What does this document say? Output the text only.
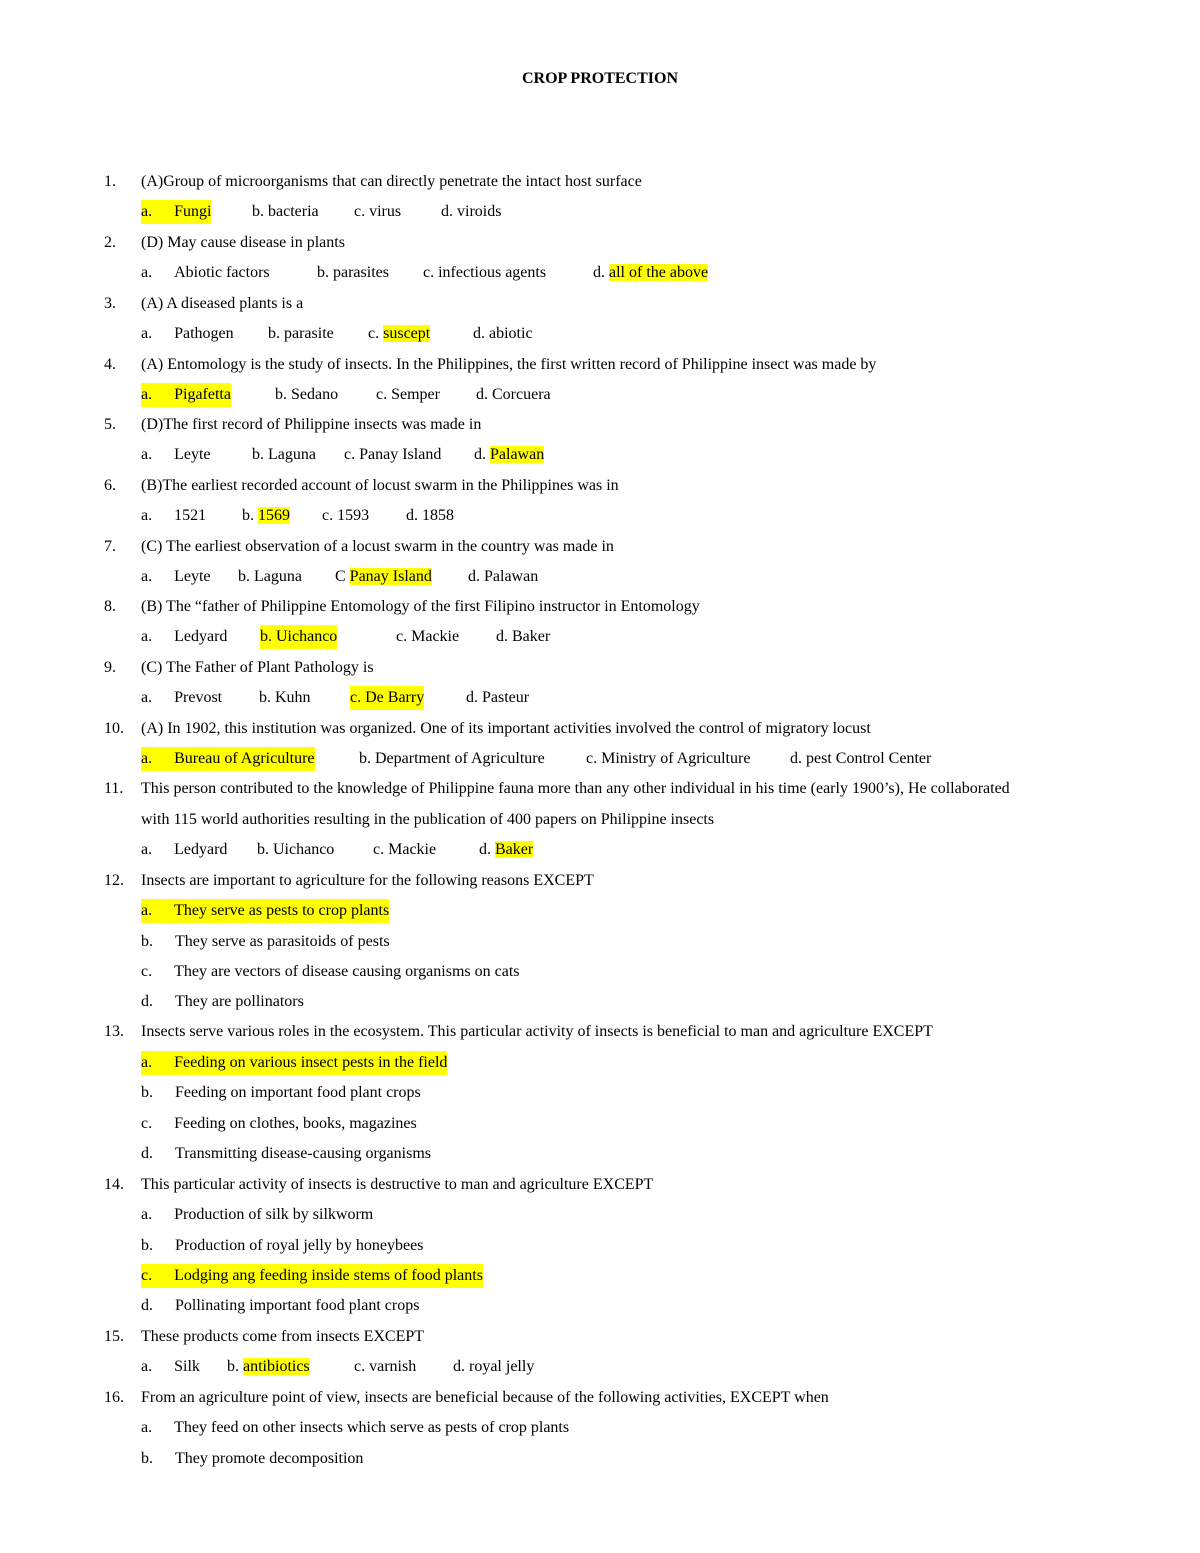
CROP PROTECTION
1. (A)Group of microorganisms that can directly penetrate the intact host surface
a. Fungi	b. bacteria c. virus d. viroids
2. (D) May cause disease in plants
a. Abiotic factors	b. parasites c. infectious agents	d. all of the above
3. (A) A diseased plants is a
a. Pathogen b. parasite c. suscept	d. abiotic
4. (A) Entomology is the study of insects. In the Philippines, the first written record of Philippine insect was made by
a. Pigafetta	b. Sedano c. Semper d. Corcuera
5. (D)The first record of Philippine insects was made in
a. Leyte	b. Laguna c. Panay Island d. Palawan
6. (B)The earliest recorded account of locust swarm in the Philippines was in
a. 1521 b. 1569 c. 1593 d. 1858
7. (C) The earliest observation of a locust swarm in the country was made in
a. Leyte b. Laguna C Panay Island d. Palawan
8. (B) The “father of Philippine Entomology of the first Filipino instructor in Entomology
a. Ledyard b. Uichanco	c. Mackie d. Baker
9. (C) The Father of Plant Pathology is
a. Prevost b. Kuhn c. De Barry	d. Pasteur
10. (A) In 1902, this institution was organized. One of its important activities involved the control of migratory locust
a. Bureau of Agriculture	b. Department of Agriculture	c. Ministry of Agriculture d. pest Control Center
11. This person contributed to the knowledge of Philippine fauna more than any other individual in his time (early 1900’s), He collaborated
with 115 world authorities resulting in the publication of 400 papers on Philippine insects
a. Ledyard b. Uichanco c. Mackie	d. Baker
12. Insects are important to agriculture for the following reasons EXCEPT
a. They serve as pests to crop plants
b. They serve as parasitoids of pests
c. They are vectors of disease causing organisms on cats
d. They are pollinators
13. Insects serve various roles in the ecosystem. This particular activity of insects is beneficial to man and agriculture EXCEPT
a. Feeding on various insect pests in the field
b. Feeding on important food plant crops
c. Feeding on clothes, books, magazines
d. Transmitting disease-causing organisms
14. This particular activity of insects is destructive to man and agriculture EXCEPT
a. Production of silk by silkworm
b. Production of royal jelly by honeybees
c. Lodging ang feeding inside stems of food plants
d. Pollinating important food plant crops
15. These products come from insects EXCEPT
a. Silk b. antibiotics	c. varnish d. royal jelly
16. From an agriculture point of view, insects are beneficial because of the following activities, EXCEPT when
a. They feed on other insects which serve as pests of crop plants
b. They promote decomposition
